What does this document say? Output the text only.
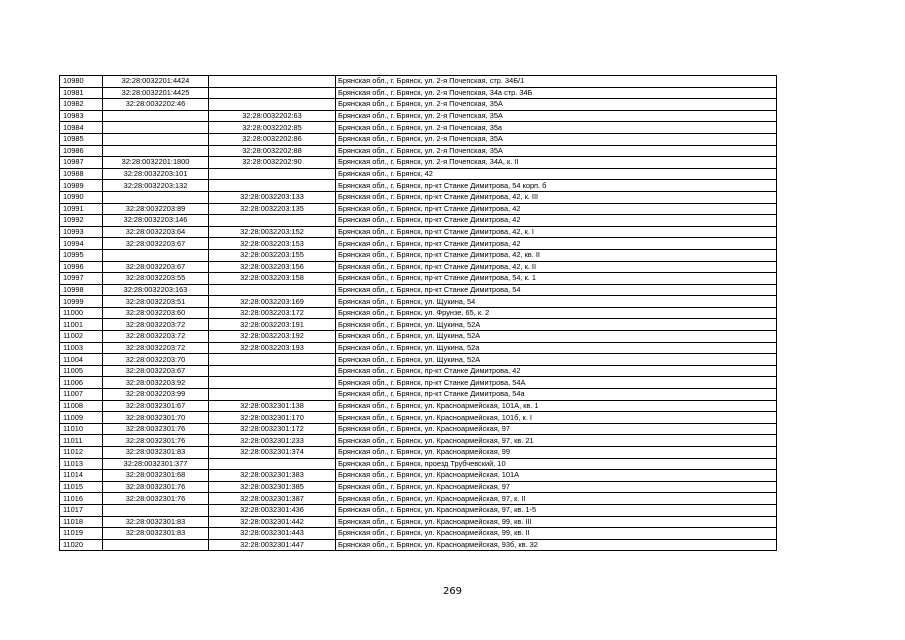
10980	32:28:0032201:4424		Брянская обл., г. Брянск, ул. 2-я Почепская, стр. 34Б/1
10981	32:28:0032201:4425		Брянская обл., г. Брянск, ул. 2-я Почепская, 34а стр. 34Б
10982	32:28:0032202:46		Брянская обл., г. Брянск, ул. 2-я Почепская, 35А
10983		32:28:0032202:63	Брянская обл., г. Брянск, ул. 2-я Почепская, 35А
10984		32:28:0032202:85	Брянская обл., г. Брянск, ул. 2-я Почепская, 35а
10985		32:28:0032202:86	Брянская обл., г. Брянск, ул. 2-я Почепская, 35А
10986		32:28:0032202:88	Брянская обл., г. Брянск, ул. 2-я Почепская, 35А
10987	32:28:0032201:1800	32:28:0032202:90	Брянская обл., г. Брянск, ул. 2-я Почепская, 34А, к. II
10988	32:28:0032203:101		Брянская обл., г. Брянск, 42
10989	32:28:0032203:132		Брянская обл., г. Брянск, пр-кт Станке Димитрова, 54 корп. б
10990		32:28:0032203:133	Брянская обл., г. Брянск, пр-кт Станке Димитрова, 42, к. III
10991	32:28:0032203:89	32:28:0032203:135	Брянская обл., г. Брянск, пр-кт Станке Димитрова, 42
10992	32:28:0032203:146		Брянская обл., г. Брянск, пр-кт Станке Димитрова, 42
10993	32:28:0032203:64	32:28:0032203:152	Брянская обл., г. Брянск, пр-кт Станке Димитрова, 42, к. I
10994	32:28:0032203:67	32:28:0032203:153	Брянская обл., г. Брянск, пр-кт Станке Димитрова, 42
10995		32:28:0032203:155	Брянская обл., г. Брянск, пр-кт Станке Димитрова, 42, кв. II
10996	32:28:0032203:67	32:28:0032203:156	Брянская обл., г. Брянск, пр-кт Станке Димитрова, 42, к. II
10997	32:28:0032203:55	32:28:0032203:158	Брянская обл., г. Брянск, пр-кт Станке Димитрова, 54, к. 1
10998	32:28:0032203:163		Брянская обл., г. Брянск, пр-кт Станке Димитрова, 54
10999	32:28:0032203:51	32:28:0032203:169	Брянская обл., г. Брянск, ул. Щукина, 54
11000	32:28:0032203:60	32:28:0032203:172	Брянская обл., г. Брянск, ул. Фрунзе, 65, к. 2
11001	32:28:0032203:72	32:28:0032203:191	Брянская обл., г. Брянск, ул. Щукина, 52А
11002	32:28:0032203:72	32:28:0032203:192	Брянская обл., г. Брянск, ул. Щукина, 52А
11003	32:28:0032203:72	32:28:0032203:193	Брянская обл., г. Брянск, ул. Щукина, 52а
11004	32:28:0032203:70		Брянская обл., г. Брянск, ул. Щукина, 52А
11005	32:28:0032203:67		Брянская обл., г. Брянск, пр-кт Станке Димитрова, 42
11006	32:28:0032203:92		Брянская обл., г. Брянск, пр-кт Станке Димитрова, 54А
11007	32:28:0032203:99		Брянская обл., г. Брянск, пр-кт Станке Димитрова, 54а
11008	32:28:0032301:67	32:28:0032301:138	Брянская обл., г. Брянск, ул. Красноармейская, 101А, кв. 1
11009	32:28:0032301:70	32:28:0032301:170	Брянская обл., г. Брянск, ул. Красноармейская, 101б, к. I
11010	32:28:0032301:76	32:28:0032301:172	Брянская обл., г. Брянск, ул. Красноармейская, 97
11011	32:28:0032301:76	32:28:0032301:233	Брянская обл., г. Брянск, ул. Красноармейская, 97, кв. 21
11012	32:28:0032301:83	32:28:0032301:374	Брянская обл., г. Брянск, ул. Красноармейская, 99
11013	32:28:0032301:377		Брянская обл., г. Брянск, проезд Трубчевский, 10
11014	32:28:0032301:68	32:28:0032301:383	Брянская обл., г. Брянск, ул. Красноармейская, 101А
11015	32:28:0032301:76	32:28:0032301:385	Брянская обл., г. Брянск, ул. Красноармейская, 97
11016	32:28:0032301:76	32:28:0032301:387	Брянская обл., г. Брянск, ул. Красноармейская, 97, к. II
11017		32:28:0032301:436	Брянская обл., г. Брянск, ул. Красноармейская, 97, кв. 1-5
11018	32:28:0032301:83	32:28:0032301:442	Брянская обл., г. Брянск, ул. Красноармейская, 99, кв. III
11019	32:28:0032301:83	32:28:0032301:443	Брянская обл., г. Брянск, ул. Красноармейская, 99, кв. II
11020		32:28:0032301:447	Брянская обл., г. Брянск, ул. Красноармейская, 93б, кв. 32
269
